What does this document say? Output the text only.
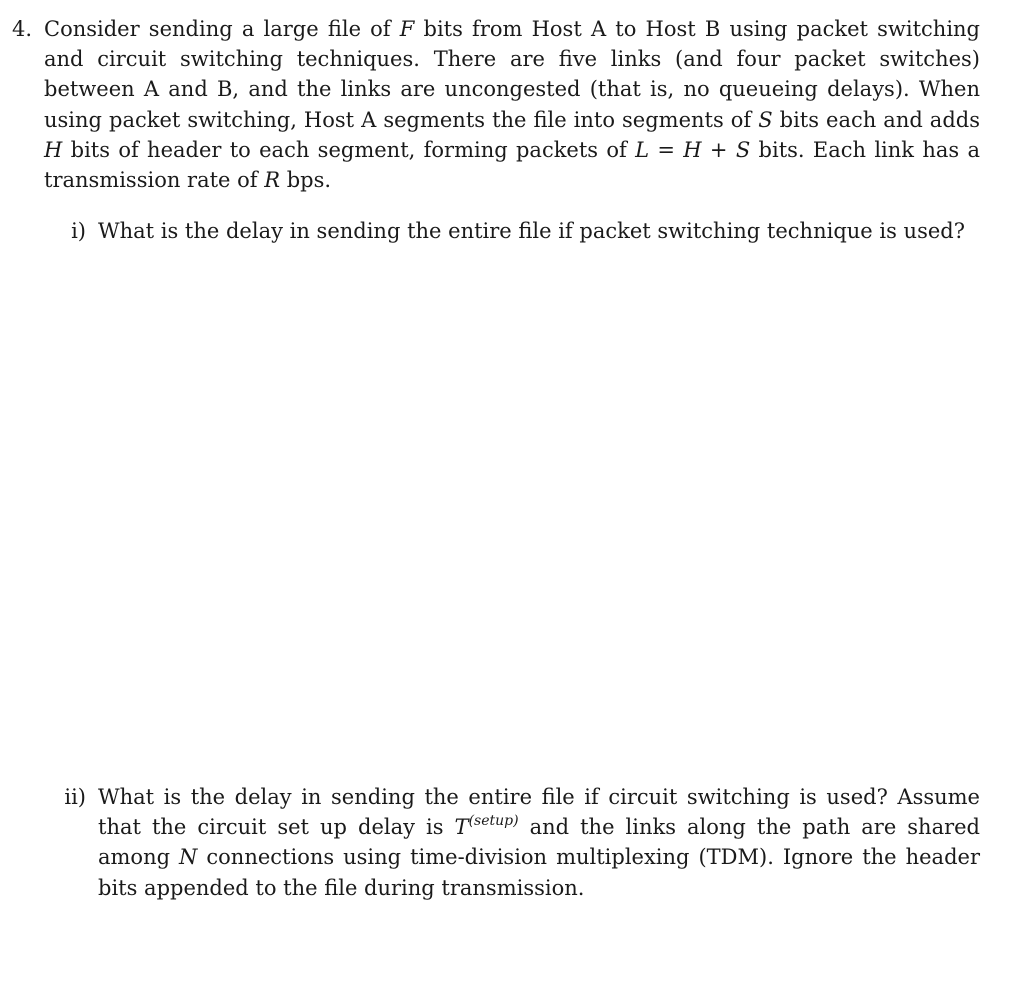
4. Consider sending a large file of F bits from Host A to Host B using packet switching and circuit switching techniques. There are five links (and four packet switches) between A and B, and the links are uncongested (that is, no queueing delays). When using packet switching, Host A segments the file into segments of S bits each and adds H bits of header to each segment, forming packets of L = H + S bits. Each link has a transmission rate of R bps.
i) What is the delay in sending the entire file if packet switching technique is used?
ii) What is the delay in sending the entire file if circuit switching is used? Assume that the circuit set up delay is $T^{(setup)}$ and the links along the path are shared among N connections using time-division multiplexing (TDM). Ignore the header bits appended to the file during transmission.
